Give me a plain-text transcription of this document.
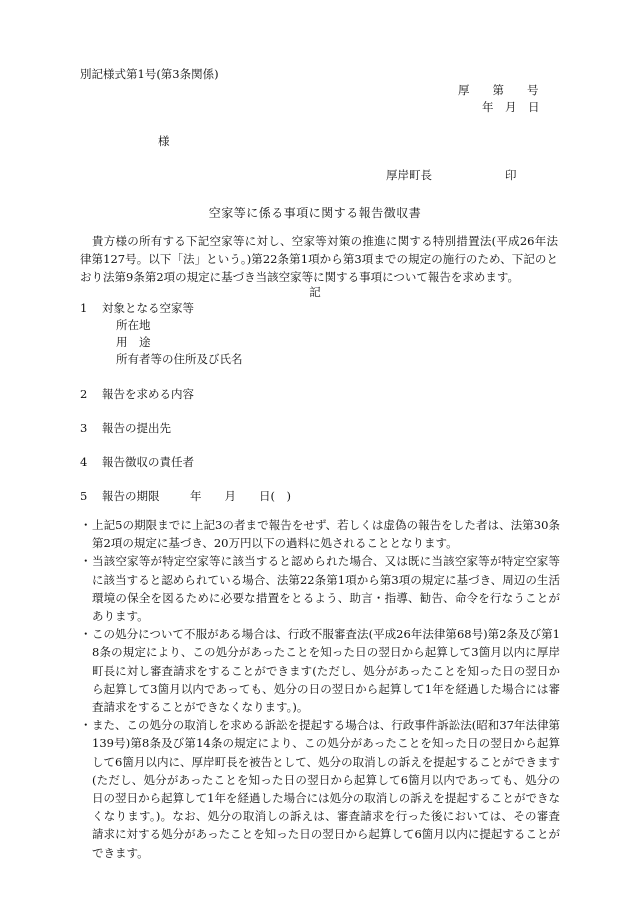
別記様式第1号(第3条関係)
厚　　第　　号
年　月　日
様
厚岸町長	印
空家等に係る事項に関する報告徴収書
貴方様の所有する下記空家等に対し、空家等対策の推進に関する特別措置法(平成26年法律第127号。以下「法」という。)第22条第1項から第3項までの規定の施行のため、下記のとおり法第9条第2項の規定に基づき当該空家等に関する事項について報告を求めます。
記
1 対象となる空家等
所在地
用　途
所有者等の住所及び氏名
2 報告を求める内容
3 報告の提出先
4 報告徴収の責任者
5 報告の期限	年　　月　　日(　)
・ 上記5の期限までに上記3の者まで報告をせず、若しくは虚偽の報告をした者は、法第30条第2項の規定に基づき、20万円以下の過料に処されることとなります。
・ 当該空家等が特定空家等に該当すると認められた場合、又は既に当該空家等が特定空家等に該当すると認められている場合、法第22条第1項から第3項の規定に基づき、周辺の生活環境の保全を図るために必要な措置をとるよう、助言・指導、勧告、命令を行なうことがあります。
・ この処分について不服がある場合は、行政不服審査法(平成26年法律第68号)第2条及び第18条の規定により、この処分があったことを知った日の翌日から起算して3箇月以内に厚岸町長に対し審査請求をすることができます(ただし、処分があったことを知った日の翌日から起算して3箇月以内であっても、処分の日の翌日から起算して1年を経過した場合には審査請求をすることができなくなります。)。
・ また、この処分の取消しを求める訴訟を提起する場合は、行政事件訴訟法(昭和37年法律第139号)第8条及び第14条の規定により、この処分があったことを知った日の翌日から起算して6箇月以内に、厚岸町長を被告として、処分の取消しの訴えを提起することができます(ただし、処分があったことを知った日の翌日から起算して6箇月以内であっても、処分の日の翌日から起算して1年を経過した場合には処分の取消しの訴えを提起することができなくなります。)。なお、処分の取消しの訴えは、審査請求を行った後においては、その審査請求に対する処分があったことを知った日の翌日から起算して6箇月以内に提起することができます。
